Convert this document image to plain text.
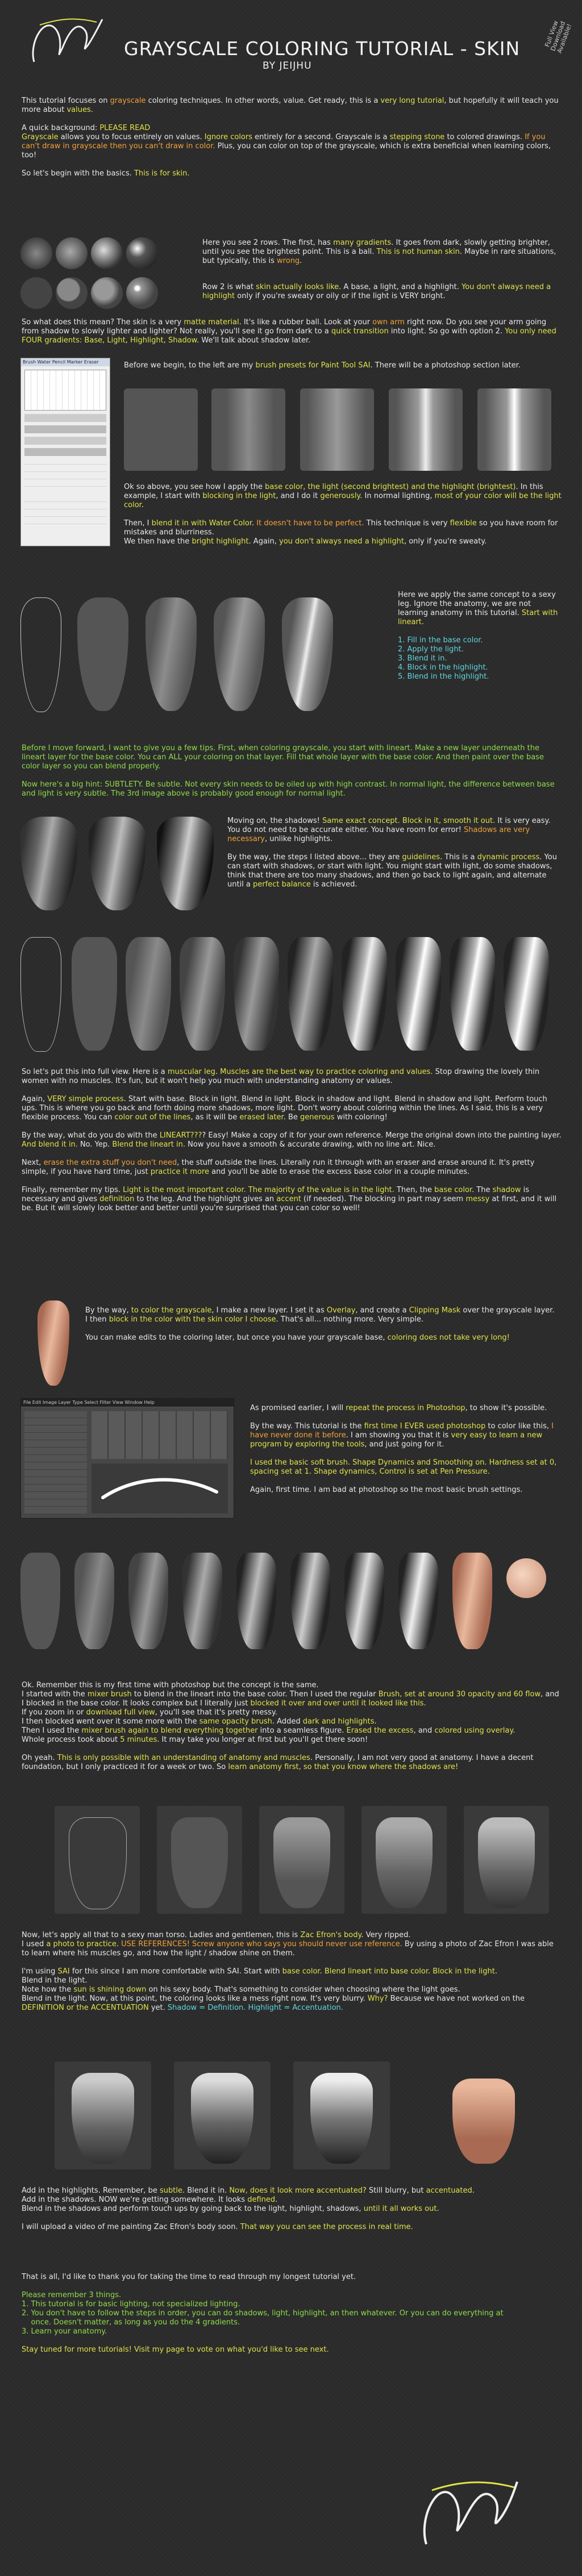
GRAYSCALE COLORING TUTORIAL - SKIN
BY JEIJHU
Full View Download Available!

This tutorial focuses on grayscale coloring techniques. In other words, value. Get ready, this is a very long tutorial, but hopefully it will teach you more about values.

A quick background: PLEASE READ

Grayscale allows you to focus entirely on values. Ignore colors entirely for a second. Grayscale is a stepping stone to colored drawings. If you can't draw in grayscale then you can't draw in color. Plus, you can color on top of the grayscale, which is extra beneficial when learning colors, too!

So let's begin with the basics. This is for skin.

Here you see 2 rows. The first, has many gradients. It goes from dark, slowly getting brighter, until you see the brightest point. This is a ball. This is not human skin. Maybe in rare situations, but typically, this is wrong.

Row 2 is what skin actually looks like. A base, a light, and a highlight. You don't always need a highlight only if you're sweaty or oily or if the light is VERY bright.

So what does this mean? The skin is a very matte material. It's like a rubber ball. Look at your own arm right now. Do you see your arm going from shadow to slowly lighter and lighter? Not really, you'll see it go from dark to a quick transition into light. So go with option 2. You only need FOUR gradients: Base, Light, Highlight, Shadow. We'll talk about shadow later.

Brush Water Pencil Marker Eraser	Before we begin, to the left are my brush presets for Paint Tool SAI. There will be a photoshop section later.

Ok so above, you see how I apply the base color, the light (second brightest) and the highlight (brightest). In this example, I start with blocking in the light, and I do it generously. In normal lighting, most of your color will be the light color.

Then, I blend it in with Water Color. It doesn't have to be perfect. This technique is very flexible so you have room for mistakes and blurriness.

We then have the bright highlight. Again, you don't always need a highlight, only if you're sweaty.

Here we apply the same concept to a sexy leg. Ignore the anatomy, we are not learning anatomy in this tutorial. Start with lineart.

1. Fill in the base color.

2. Apply the light.

3. Blend it in.

4. Block in the highlight.

5. Blend in the highlight.

Before I move forward, I want to give you a few tips. First, when coloring grayscale, you start with lineart. Make a new layer underneath the lineart layer for the base color. You can ALL your coloring on that layer. Fill that whole layer with the base color. And then paint over the base color layer so you can blend properly.

Now here's a big hint: SUBTLETY. Be subtle. Not every skin needs to be oiled up with high contrast. In normal light, the difference between base and light is very subtle. The 3rd image above is probably good enough for normal light.

Moving on, the shadows! Same exact concept. Block in it, smooth it out. It is very easy. You do not need to be accurate either. You have room for error! Shadows are very necessary, unlike highlights.

By the way, the steps I listed above... they are guidelines. This is a dynamic process. You can start with shadows, or start with light. You might start with light, do some shadows, think that there are too many shadows, and then go back to light again, and alternate until a perfect balance is achieved.

So let's put this into full view. Here is a muscular leg. Muscles are the best way to practice coloring and values. Stop drawing the lovely thin women with no muscles. It's fun, but it won't help you much with understanding anatomy or values.

Again, VERY simple process. Start with base. Block in light. Blend in light. Block in shadow and light. Blend in shadow and light. Perform touch ups. This is where you go back and forth doing more shadows, more light. Don't worry about coloring within the lines. As I said, this is a very flexible process. You can color out of the lines, as it will be erased later. Be generous with coloring!

By the way, what do you do with the LINEART???? Easy! Make a copy of it for your own reference. Merge the original down into the painting layer. And blend it in. No. Yep. Blend the lineart in. Now you have a smooth & accurate drawing, with no line art. Nice.

Next, erase the extra stuff you don't need, the stuff outside the lines. Literally run it through with an eraser and erase around it. It's pretty simple, if you have hard time, just practice it more and you'll be able to erase the excess base color in a couple minutes.

Finally, remember my tips. Light is the most important color. The majority of the value is in the light. Then, the base color. The shadow is necessary and gives definition to the leg. And the highlight gives an accent (if needed). The blocking in part may seem messy at first, and it will be. But it will slowly look better and better until you're surprised that you can color so well!

By the way, to color the grayscale, I make a new layer. I set it as Overlay, and create a Clipping Mask over the grayscale layer. I then block in the color with the skin color I choose. That's all... nothing more. Very simple.

You can make edits to the coloring later, but once you have your grayscale base, coloring does not take very long!

File Edit Image Layer Type Select Filter View Window Help

As promised earlier, I will repeat the process in Photoshop, to show it's possible.

By the way. This tutorial is the first time I EVER used photoshop to color like this, I have never done it before. I am showing you that it is very easy to learn a new program by exploring the tools, and just going for it.

I used the basic soft brush. Shape Dynamics and Smoothing on. Hardness set at 0, spacing set at 1. Shape dynamics, Control is set at Pen Pressure.

Again, first time. I am bad at photoshop so the most basic brush settings.

Ok. Remember this is my first time with photoshop but the concept is the same.

I started with the mixer brush to blend in the lineart into the base color. Then I used the regular Brush, set at around 30 opacity and 60 flow, and I blocked in the base color. It looks complex but I literally just blocked it over and over until it looked like this.

If you zoom in or download full view, you'll see that it's pretty messy.

I then blocked went over it some more with the same opacity brush. Added dark and highlights.

Then I used the mixer brush again to blend everything together into a seamless figure. Erased the excess, and colored using overlay.

Whole process took about 5 minutes. It may take you longer at first but you'll get there soon!

Oh yeah. This is only possible with an understanding of anatomy and muscles. Personally, I am not very good at anatomy. I have a decent foundation, but I only practiced it for a week or two. So learn anatomy first, so that you know where the shadows are!

Now, let's apply all that to a sexy man torso. Ladies and gentlemen, this is Zac Efron's body. Very ripped.

I used a photo to practice. USE REFERENCES! Screw anyone who says you should never use reference. By using a photo of Zac Efron I was able to learn where his muscles go, and how the light / shadow shine on them.

I'm using SAI for this since I am more comfortable with SAI. Start with base color. Blend lineart into base color. Block in the light.

Blend in the light.

Note how the sun is shining down on his sexy body. That's something to consider when choosing where the light goes.

Blend in the light. Now, at this point, the coloring looks like a mess right now. It's very blurry. Why? Because we have not worked on the DEFINITION or the ACCENTUATION yet. Shadow = Definition. Highlight = Accentuation.

Add in the highlights. Remember, be subtle. Blend it in. Now, does it look more accentuated? Still blurry, but accentuated.

Add in the shadows. NOW we're getting somewhere. It looks defined.

Blend in the shadows and perform touch ups by going back to the light, highlight, shadows, until it all works out.

I will upload a video of me painting Zac Efron's body soon. That way you can see the process in real time.

That is all, I'd like to thank you for taking the time to read through my longest tutorial yet.

Please remember 3 things.

1. This tutorial is for basic lighting, not specialized lighting.

2. You don't have to follow the steps in order, you can do shadows, light, highlight, an then whatever. Or you can do everything at

once. Doesn't matter, as long as you do the 4 gradients.

3. Learn your anatomy.

Stay tuned for more tutorials! Visit my page to vote on what you'd like to see next.
